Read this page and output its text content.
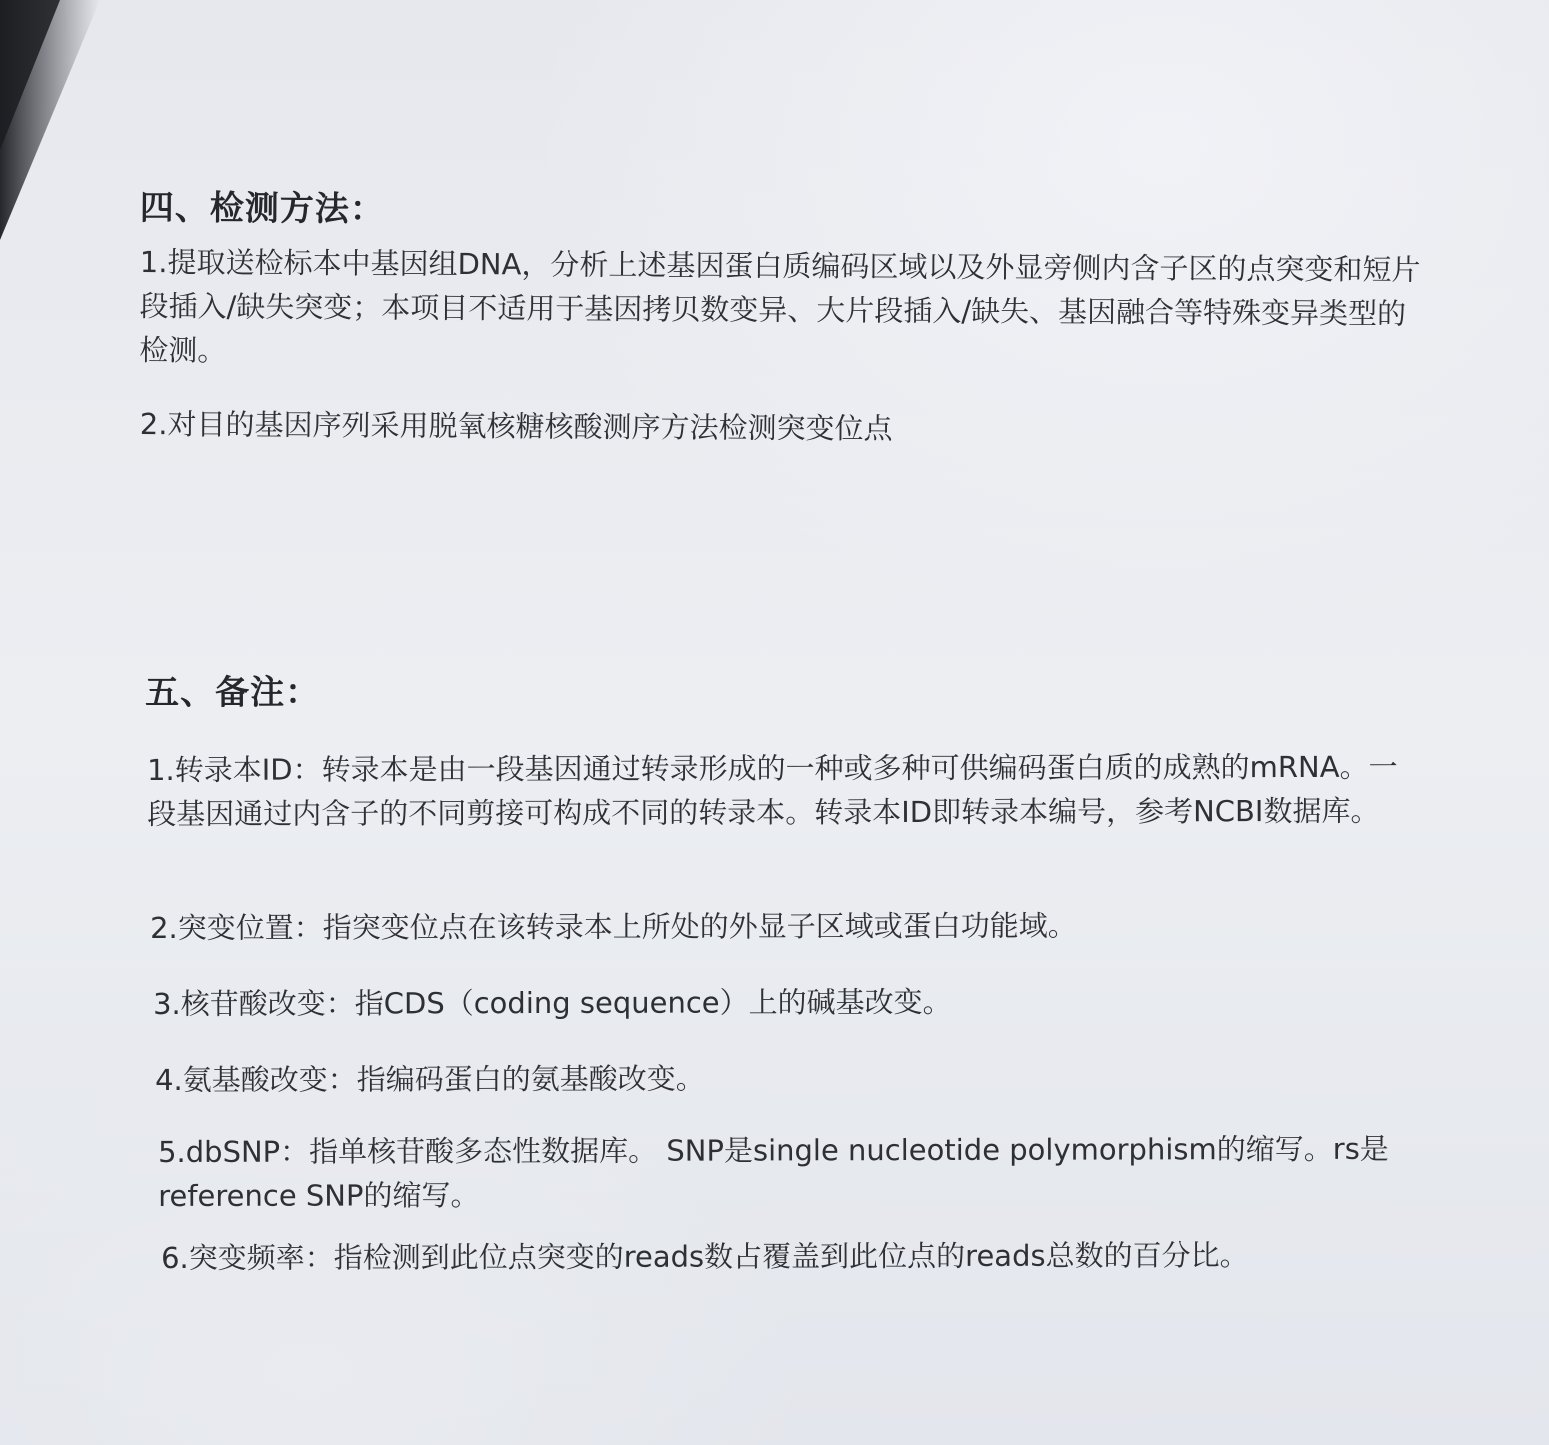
四、检测方法：

1.提取送检标本中基因组DNA，分析上述基因蛋白质编码区域以及外显旁侧内含子区的点突变和短片段插入/缺失突变；本项目不适用于基因拷贝数变异、大片段插入/缺失、基因融合等特殊变异类型的检测。

2.对目的基因序列采用脱氧核糖核酸测序方法检测突变位点

五、备注：

1.转录本ID：转录本是由一段基因通过转录形成的一种或多种可供编码蛋白质的成熟的mRNA。一段基因通过内含子的不同剪接可构成不同的转录本。转录本ID即转录本编号，参考NCBI数据库。

2.突变位置：指突变位点在该转录本上所处的外显子区域或蛋白功能域。

3.核苷酸改变：指CDS（coding sequence）上的碱基改变。

4.氨基酸改变：指编码蛋白的氨基酸改变。

5.dbSNP：指单核苷酸多态性数据库。 SNP是single nucleotide polymorphism的缩写。rs是 reference SNP的缩写。

6.突变频率：指检测到此位点突变的reads数占覆盖到此位点的reads总数的百分比。
